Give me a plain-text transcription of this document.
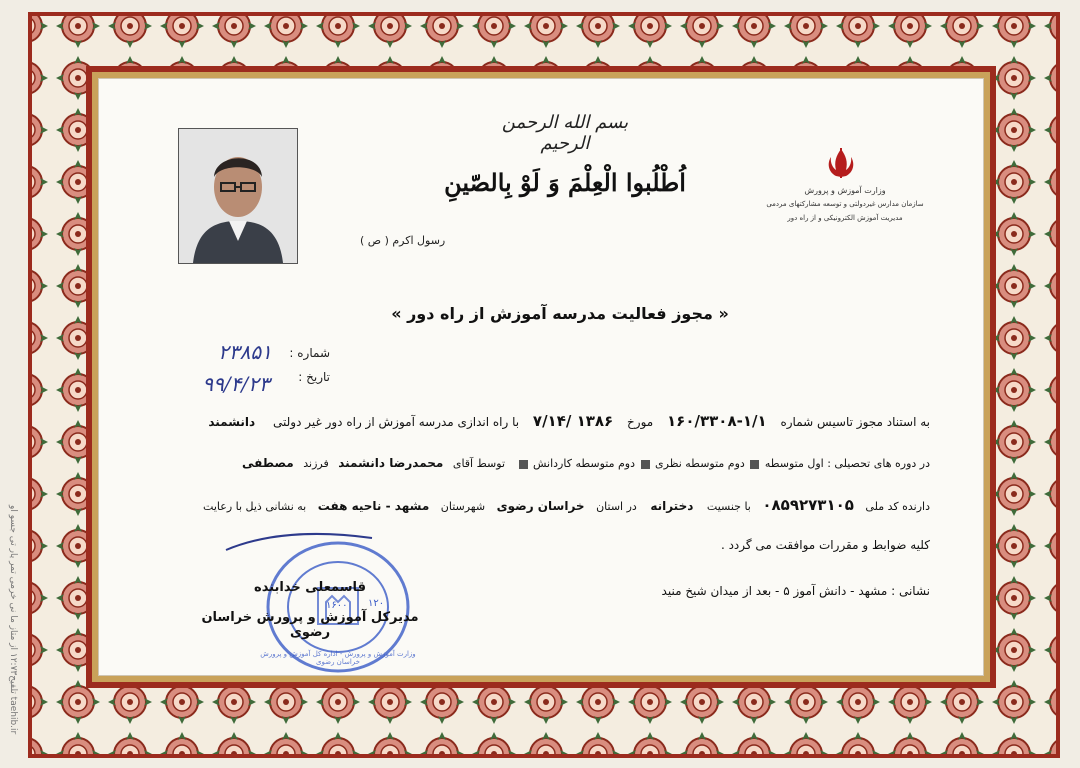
بسم الله الرحمن الرحيم
اُطْلُبوا الْعِلْمَ وَ لَوْ بِالصّينِ
رسول اکرم ( ص )
وزارت آموزش و پرورش
سازمان مدارس غیردولتی و توسعه مشارکتهای مردمی
مدیریت آموزش الکترونیکی و از راه دور
« مجوز فعالیت مدرسه آموزش از راه دور »
شماره :
۲۳۸۵۱
تاریخ :
۹۹/۴/۲۳
به استناد مجوز تاسیس شماره ۱/۱-۱۶۰/۳۳۰۸ مورخ ۱۳۸۶ /۷/۱۴ با راه اندازی مدرسه آموزش از راه دور غیر دولتی دانشمند
در دوره های تحصیلی : اول متوسطه  دوم متوسطه نظری  دوم متوسطه کاردانش  توسط آقای محمدرضا دانشمند فرزند مصطفی
دارنده کد ملی ۰۸۵۹۲۷۳۱۰۵ با جنسیت دخترانه در استان خراسان رضوی شهرستان مشهد - ناحیه هفت به نشانی ذیل با رعایت
کلیه ضوابط و مقررات موافقت می گردد .
نشانی : مشهد - دانش آموز ۵ - بعد از میدان شیخ منید
۱۲۰
۱۶۰۰
وزارت آموزش و پرورش - اداره کل آموزش و پرورش خراسان رضوی
قاسمعلی خدابنده
مدیرکل آموزش و پرورش خراسان رضوی
تلفیح۱۲:۷۳ از متاز ما نی خرمی تمر یار تی جسو او taehib.ir
